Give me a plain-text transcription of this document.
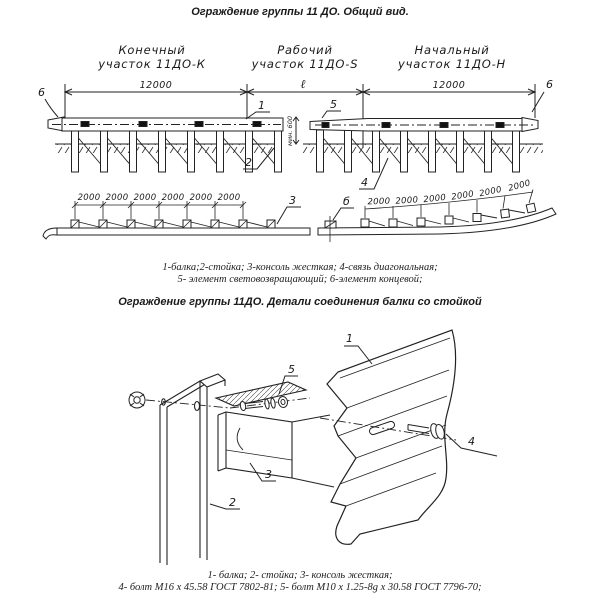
Ограждение группы 11 ДО. Общий вид.
Конечный
участок 11ДО-К
Рабочий
участок 11ДО-S
Начальный
участок 11ДО-Н
12000	ℓ	12000
6
6
мин. 600
1	5
2
4
2000 2000 2000 2000 2000 2000	3	2000 2000 2000 2000 2000 2000
б
1-балка;2-стойка; 3-консоль жесткая; 4-связь диагональная;
5- элемент световозвращающий; 6-элемент концевой;
Ограждение группы 11ДО. Детали соединения балки со стойкой
1
5
3
2
4
1- балка; 2- стойка; 3- консоль жесткая;
4- болт М16 х 45.58 ГОСТ 7802-81; 5- болт М10 х 1.25-8g х 30.58 ГОСТ 7796-70;
